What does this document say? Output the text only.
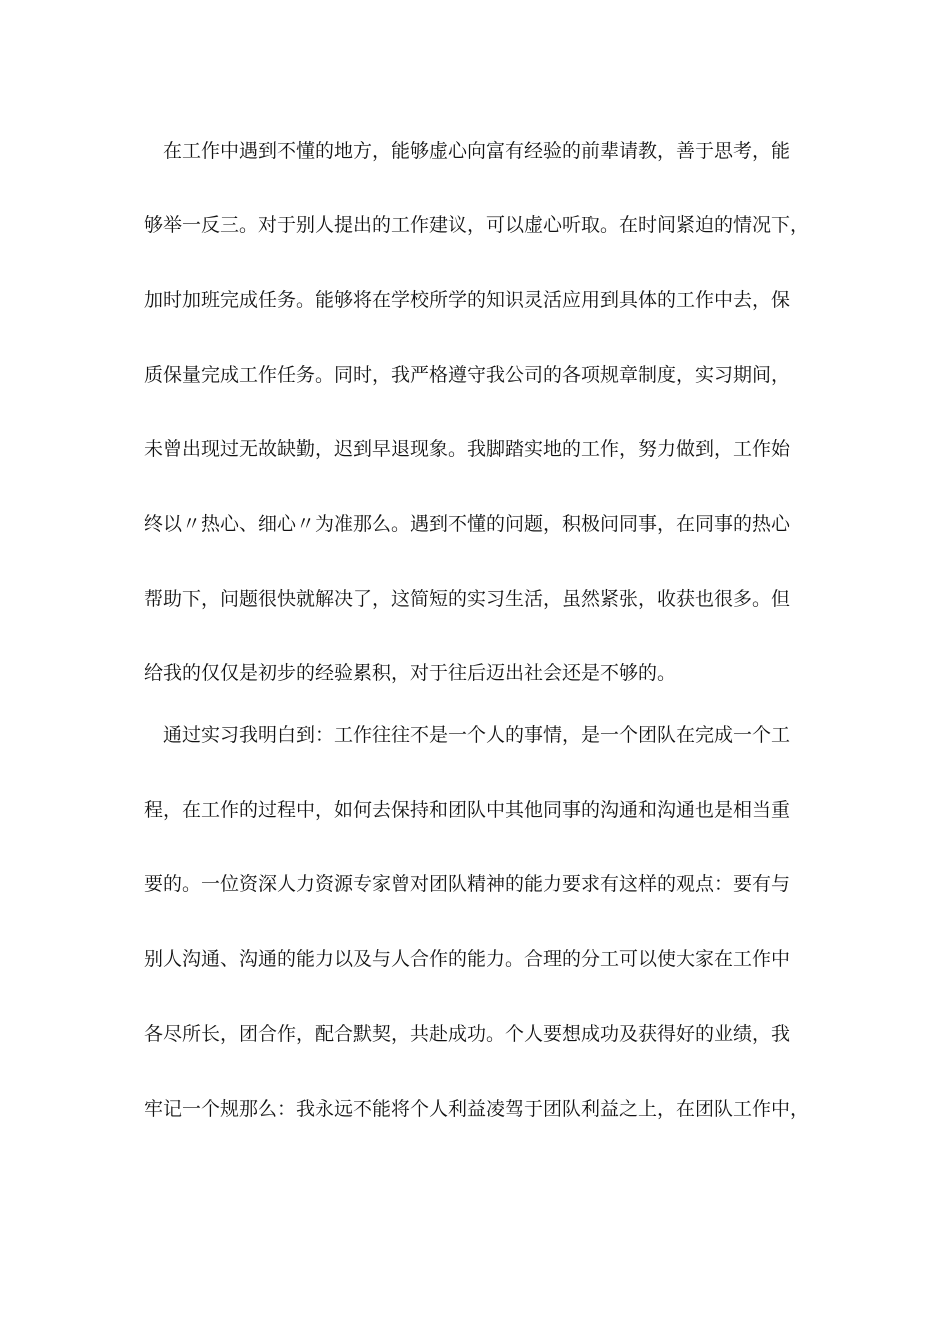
在工作中遇到不懂的地方，能够虚心向富有经验的前辈请教，善于思考，能
够举一反三。对于别人提出的工作建议，可以虚心听取。在时间紧迫的情况下，
加时加班完成任务。能够将在学校所学的知识灵活应用到具体的工作中去，保
质保量完成工作任务。同时，我严格遵守我公司的各项规章制度，实习期间，
未曾出现过无故缺勤，迟到早退现象。我脚踏实地的工作，努力做到，工作始
终以〃热心、细心〃为准那么。遇到不懂的问题，积极问同事，在同事的热心
帮助下，问题很快就解决了，这简短的实习生活，虽然紧张，收获也很多。但
给我的仅仅是初步的经验累积，对于往后迈出社会还是不够的。
通过实习我明白到：工作往往不是一个人的事情，是一个团队在完成一个工
程，在工作的过程中，如何去保持和团队中其他同事的沟通和沟通也是相当重
要的。一位资深人力资源专家曾对团队精神的能力要求有这样的观点：要有与
别人沟通、沟通的能力以及与人合作的能力。合理的分工可以使大家在工作中
各尽所长，团合作，配合默契，共赴成功。个人要想成功及获得好的业绩，我
牢记一个规那么：我永远不能将个人利益凌驾于团队利益之上，在团队工作中，
